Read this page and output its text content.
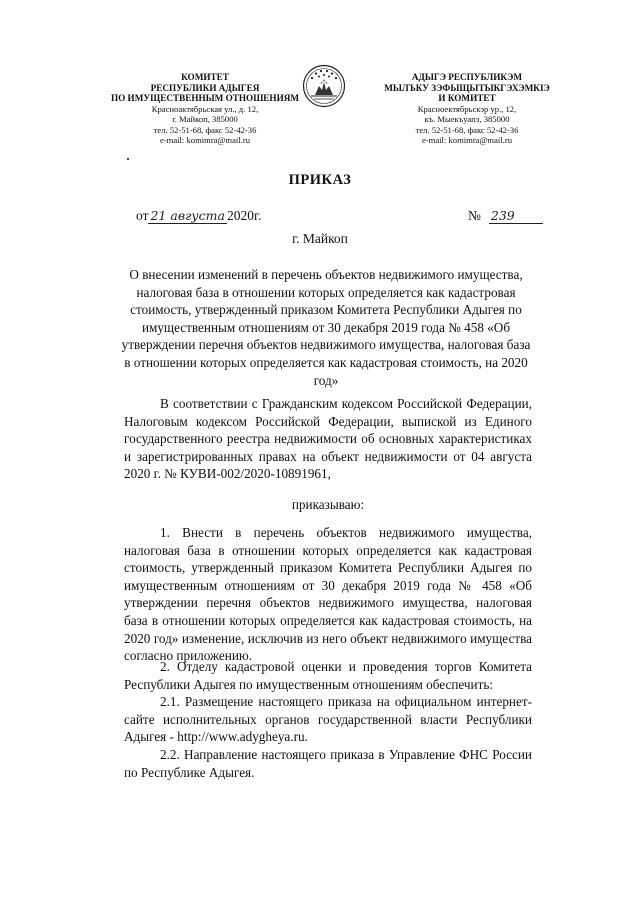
КОМИТЕТ
РЕСПУБЛИКИ АДЫГЕЯ
ПО ИМУЩЕСТВЕННЫМ ОТНОШЕНИЯМ
Красноактябрьская ул., д. 12,
г. Майкоп, 385000
тел. 52-51-68, факс 52-42-36
e-mail: komimra@mail.ru
АДЫГЭ РЕСПУБЛИКЭМ
МЫЛЪКУ ЗЭФЫЩЫТЫКГЭХЭМКIЭ
И КОМИТЕТ
Красноектябрьскэр ур., 12,
къ. Мыекъуапэ, 385000
тел. 52-51-68, факс 52-42-36
e-mail: komimra@mail.ru
ПРИКАЗ
от 21 августа 2020г.	№ 239
г. Майкоп
О внесении изменений в перечень объектов недвижимого имущества, налоговая база в отношении которых определяется как кадастровая стоимость, утвержденный приказом Комитета Республики Адыгея по имущественным отношениям от 30 декабря 2019 года № 458 «Об утверждении перечня объектов недвижимого имущества, налоговая база в отношении которых определяется как кадастровая стоимость, на 2020 год»

В соответствии с Гражданским кодексом Российской Федерации, Налоговым кодексом Российской Федерации, выпиской из Единого государственного реестра недвижимости об основных характеристиках и зарегистрированных правах на объект недвижимости от 04 августа 2020 г. № КУВИ-002/2020-10891961,

приказываю:

1. Внести в перечень объектов недвижимого имущества, налоговая база в отношении которых определяется как кадастровая стоимость, утвержденный приказом Комитета Республики Адыгея по имущественным отношениям от 30 декабря 2019 года № 458 «Об утверждении перечня объектов недвижимого имущества, налоговая база в отношении которых определяется как кадастровая стоимость, на 2020 год» изменение, исключив из него объект недвижимого имущества согласно приложению.

2. Отделу кадастровой оценки и проведения торгов Комитета Республики Адыгея по имущественным отношениям обеспечить:

2.1. Размещение настоящего приказа на официальном интернет-сайте исполнительных органов государственной власти Республики Адыгея - http://www.adygheya.ru.

2.2. Направление настоящего приказа в Управление ФНС России по Республике Адыгея.
